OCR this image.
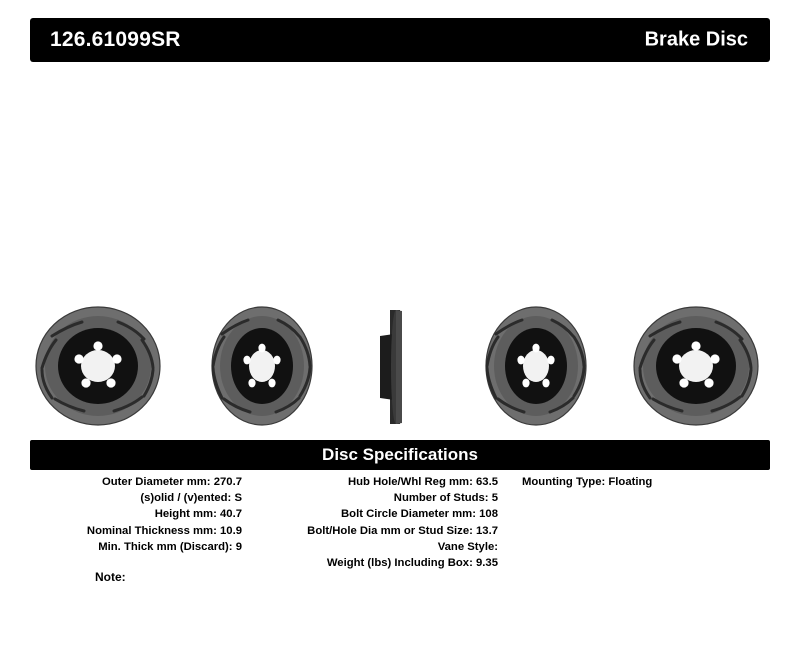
126.61099SR	Brake Disc
Disc Specifications
Outer Diameter mm: 270.7
(s)olid / (v)ented: S
Height mm: 40.7
Nominal Thickness mm: 10.9
Min. Thick mm (Discard): 9
Hub Hole/Whl Reg mm: 63.5
Number of Studs: 5
Bolt Circle Diameter mm: 108
Bolt/Hole Dia mm or Stud Size: 13.7
Vane Style:
Weight (lbs) Including Box: 9.35
Mounting Type: Floating
Note:
